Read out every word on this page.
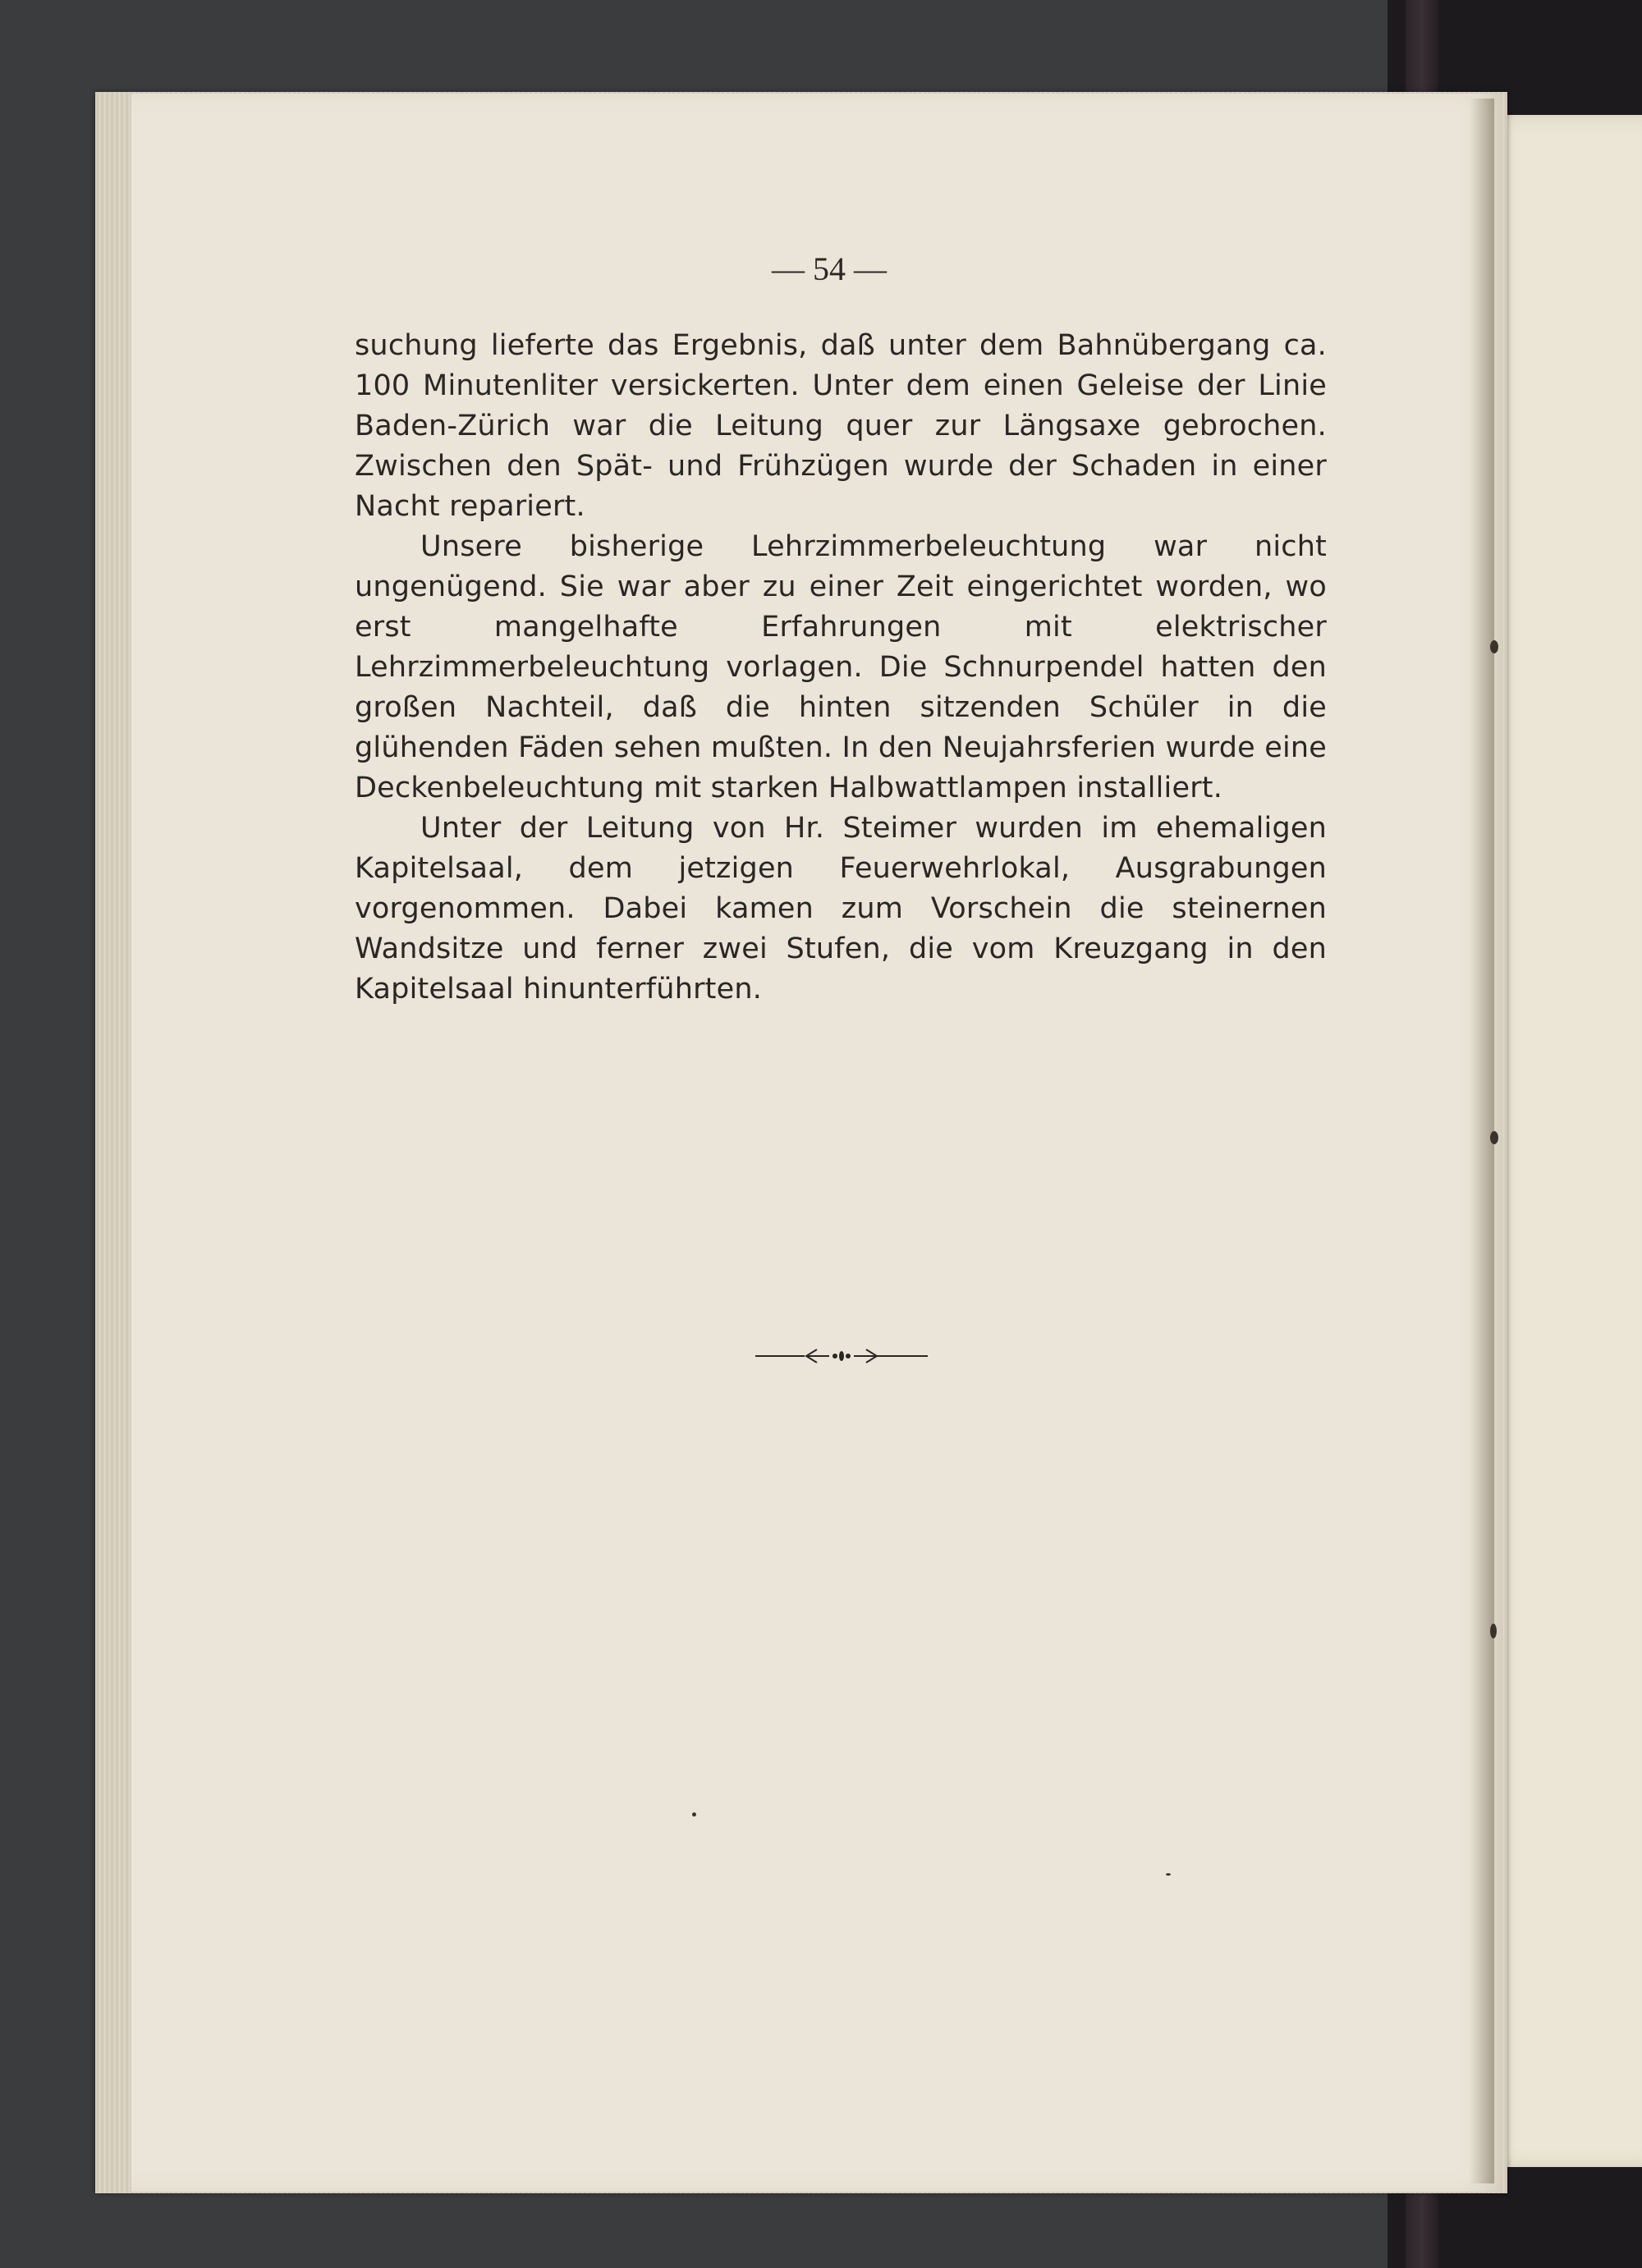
— 54 —

suchung lieferte das Ergebnis, daß unter dem Bahnübergang ca. 100 Minutenliter versickerten. Unter dem einen Geleise der Linie Baden-Zürich war die Leitung quer zur Längsaxe gebrochen. Zwischen den Spät- und Frühzügen wurde der Schaden in einer Nacht repariert.

Unsere bisherige Lehrzimmerbeleuchtung war nicht ungenügend. Sie war aber zu einer Zeit eingerichtet worden, wo erst mangelhafte Erfahrungen mit elektrischer Lehrzimmerbeleuchtung vorlagen. Die Schnurpendel hatten den großen Nachteil, daß die hinten sitzenden Schüler in die glühenden Fäden sehen mußten. In den Neujahrsferien wurde eine Deckenbeleuchtung mit starken Halbwattlampen installiert.

Unter der Leitung von Hr. Steimer wurden im ehemaligen Kapitelsaal, dem jetzigen Feuerwehrlokal, Ausgrabungen vorgenommen. Dabei kamen zum Vorschein die steinernen Wandsitze und ferner zwei Stufen, die vom Kreuzgang in den Kapitelsaal hinunterführten.
